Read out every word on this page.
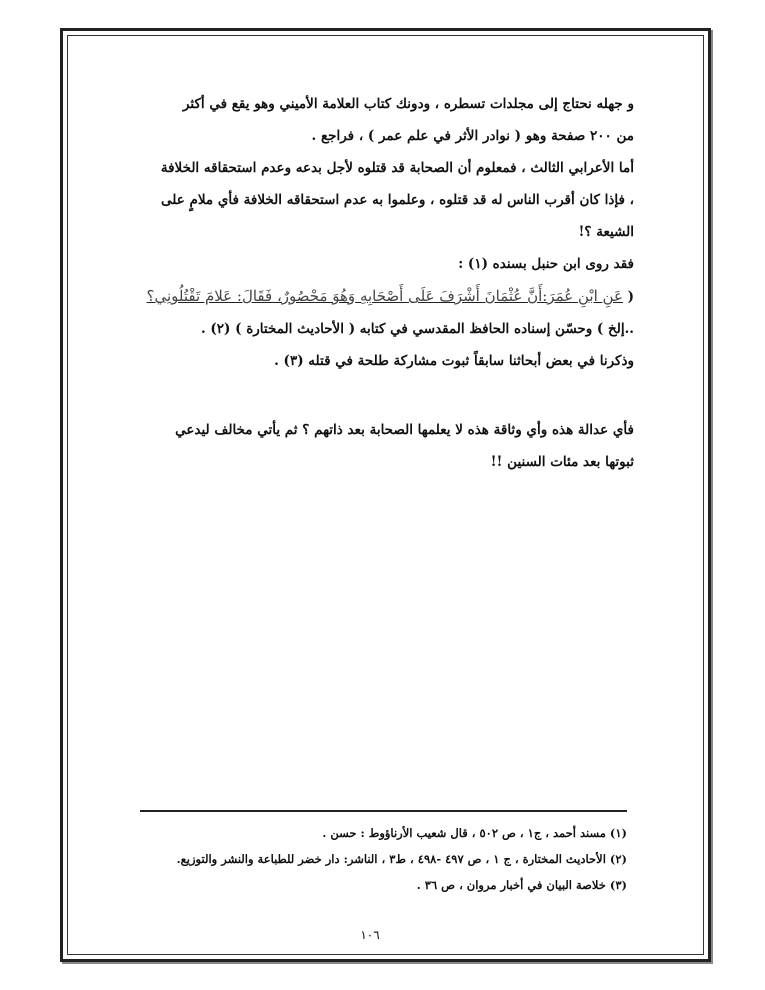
و جهله نحتاج إلى مجلدات تسطره ، ودونك كتاب العلامة الأميني وهو يقع في أكثر

من ٢٠٠ صفحة وهو ( نوادر الأثر في علم عمر ) ، فراجع .

أما الأعرابي الثالث ، فمعلوم أن الصحابة قد قتلوه لأجل بدعه وعدم استحقاقه الخلافة

، فإذا كان أقرب الناس له قد قتلوه ، وعلموا به عدم استحقاقه الخلافة فأي ملامٍ على

الشيعة ؟!

فقد روى ابن حنبل بسنده (١) :

( عَنِ ابْنِ عُمَرَ:أَنَّ عُثْمَانَ أَشْرَفَ عَلَى أَصْحَابِهِ وَهُوَ مَحْصُورٌ، فَقَالَ: عَلامَ تَقْتُلُونِي؟

..إلخ ) وحسّن إسناده الحافظ المقدسي في كتابه ( الأحاديث المختارة ) (٢) .

وذكرنا في بعض أبحاثنا سابقاً ثبوت مشاركة طلحة في قتله (٣) .

فأي عدالة هذه وأي وثاقة هذه لا يعلمها الصحابة بعد ذاتهم ؟ ثم يأتي مخالف ليدعي

ثبوتها بعد مئات السنين !!

(١) مسند أحمد ، ج١ ، ص ٥٠٢ ، قال شعيب الأرناؤوط : حسن .

(٢) الأحاديث المختارة ، ج ١ ، ص ٤٩٧ -٤٩٨ ، ط٣ ، الناشر: دار خضر للطباعة والنشر والتوزيع.

(٣) خلاصة البيان في أخبار مروان ، ص ٣٦ .

١٠٦
